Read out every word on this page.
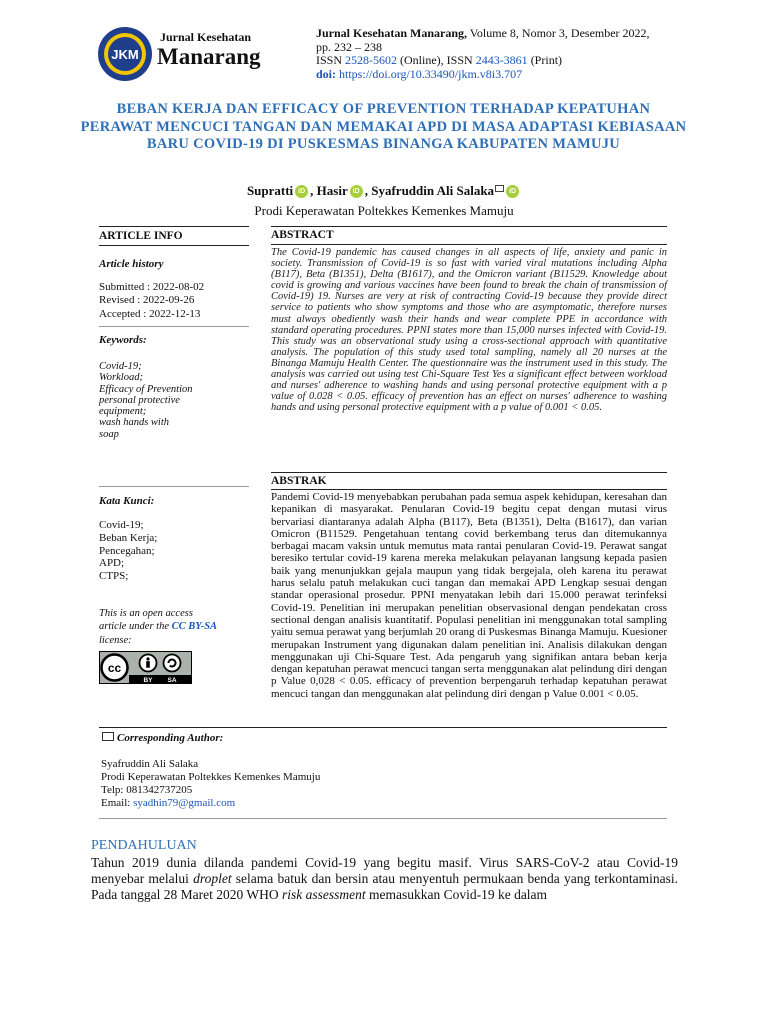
JKM
Jurnal Kesehatan
Manarang
Jurnal Kesehatan Manarang, Volume 8, Nomor 3, Desember 2022,
pp. 232 – 238
ISSN 2528-5602 (Online), ISSN 2443-3861 (Print)
doi: https://doi.org/10.33490/jkm.v8i3.707
BEBAN KERJA DAN EFFICACY OF PREVENTION TERHADAP KEPATUHAN PERAWAT MENCUCI TANGAN DAN MEMAKAI APD DI MASA ADAPTASI KEBIASAAN BARU COVID-19 DI PUSKESMAS BINANGA KABUPATEN MAMUJU
Supratti iD , Hasir iD , Syafruddin Ali Salaka iD
Prodi Keperawatan Poltekkes Kemenkes Mamuju
ARTICLE INFO
Article history
Submitted : 2022-08-02
Revised : 2022-09-26
Accepted : 2022-12-13
Keywords:
Covid-19;
Workload;
Efficacy of Prevention
personal protective
equipment;
wash hands with
soap
Kata Kunci:
Covid-19;
Beban Kerja;
Pencegahan;
APD;
CTPS;
This is an open access
article under the CC BY-SA
license:
cc
BY SA
ABSTRACT
The Covid-19 pandemic has caused changes in all aspects of life, anxiety and panic in society. Transmission of Covid-19 is so fast with varied viral mutations including Alpha (B117), Beta (B1351), Delta (B1617), and the Omicron variant (B11529. Knowledge about covid is growing and various vaccines have been found to break the chain of transmission of Covid-19) 19. Nurses are very at risk of contracting Covid-19 because they provide direct service to patients who show symptoms and those who are asymptomatic, therefore nurses must always obediently wash their hands and wear complete PPE in accordance with standard operating procedures. PPNI states more than 15,000 nurses infected with Covid-19. This study was an observational study using a cross-sectional approach with quantitative analysis. The population of this study used total sampling, namely all 20 nurses at the Binanga Mamuju Health Center. The questionnaire was the instrument used in this study. The analysis was carried out using test Chi-Square Test Yes a significant effect between workload and nurses' adherence to washing hands and using personal protective equipment with a p value of 0.028 < 0.05. efficacy of prevention has an effect on nurses' adherence to washing hands and using personal protective equipment with a p value of 0.001 < 0.05.
ABSTRAK
Pandemi Covid-19 menyebabkan perubahan pada semua aspek kehidupan, keresahan dan kepanikan di masyarakat. Penularan Covid-19 begitu cepat dengan mutasi virus bervariasi diantaranya adalah Alpha (B117), Beta (B1351), Delta (B1617), dan varian Omicron (B11529. Pengetahuan tentang covid berkembang terus dan ditemukannya berbagai macam vaksin untuk memutus mata rantai penularan Covid-19. Perawat sangat beresiko tertular covid-19 karena mereka melakukan pelayanan langsung kepada pasien baik yang menunjukkan gejala maupun yang tidak bergejala, oleh karena itu perawat harus selalu patuh melakukan cuci tangan dan memakai APD Lengkap sesuai dengan standar operasional prosedur. PPNI menyatakan lebih dari 15.000 perawat terinfeksi Covid-19. Penelitian ini merupakan penelitian observasional dengan pendekatan cross sectional dengan analisis kuantitatif. Populasi penelitian ini menggunakan total sampling yaitu semua perawat yang berjumlah 20 orang di Puskesmas Binanga Mamuju. Kuesioner merupakan Instrument yang digunakan dalam penelitian ini. Analisis dilakukan dengan menggunakan uji Chi-Square Test. Ada pengaruh yang signifikan antara beban kerja dengan kepatuhan perawat mencuci tangan serta menggunakan alat pelindung diri dengan p Value 0,028 < 0.05. efficacy of prevention berpengaruh terhadap kepatuhan perawat mencuci tangan dan menggunakan alat pelindung diri dengan p Value 0.001 < 0.05.
Corresponding Author:
Syafruddin Ali Salaka
Prodi Keperawatan Poltekkes Kemenkes Mamuju
Telp: 081342737205
Email: syadhin79@gmail.com
PENDAHULUAN
Tahun 2019 dunia dilanda pandemi Covid-19 yang begitu masif. Virus SARS-CoV-2 atau Covid-19 menyebar melalui droplet selama batuk dan bersin atau menyentuh permukaan benda yang terkontaminasi. Pada tanggal 28 Maret 2020 WHO risk assessment memasukkan Covid-19 ke dalam
